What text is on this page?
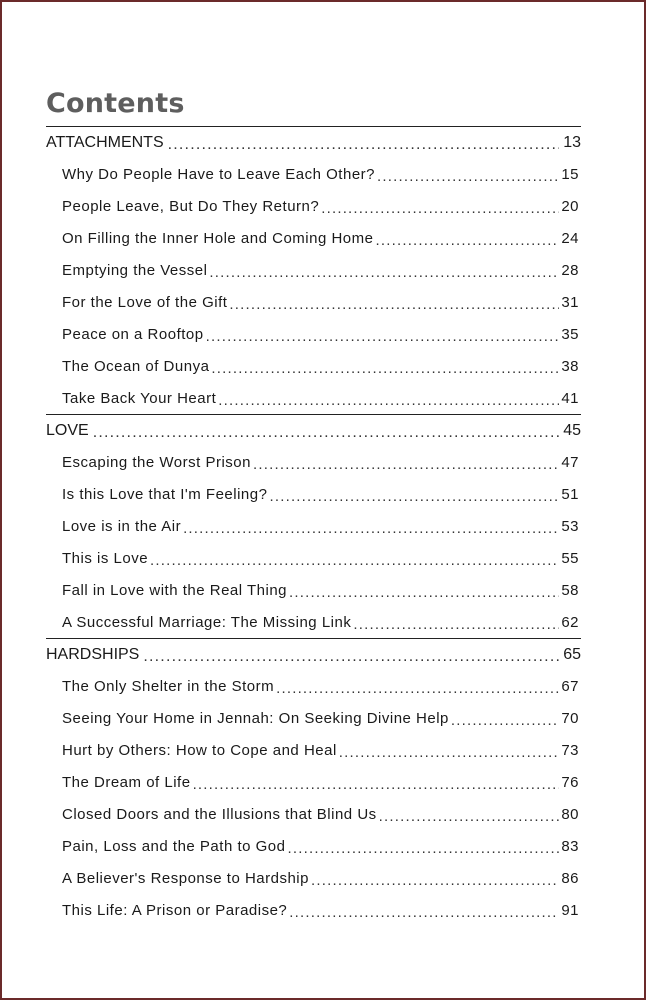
Contents
ATTACHMENTS .....	13
Why Do People Have to Leave Each Other? .....	15
People Leave, But Do They Return? .....	20
On Filling the Inner Hole and Coming Home .....	24
Emptying the Vessel .....	28
For the Love of the Gift .....	31
Peace on a Rooftop .....	35
The Ocean of Dunya .....	38
Take Back Your Heart .....	41
LOVE .....	45
Escaping the Worst Prison .....	47
Is this Love that I'm Feeling? .....	51
Love is in the Air .....	53
This is Love .....	55
Fall in Love with the Real Thing .....	58
A Successful Marriage: The Missing Link .....	62
HARDSHIPS .....	65
The Only Shelter in the Storm .....	67
Seeing Your Home in Jennah: On Seeking Divine Help .....	70
Hurt by Others: How to Cope and Heal .....	73
The Dream of Life .....	76
Closed Doors and the Illusions that Blind Us .....	80
Pain, Loss and the Path to God .....	83
A Believer's Response to Hardship .....	86
This Life: A Prison or Paradise? .....	91
